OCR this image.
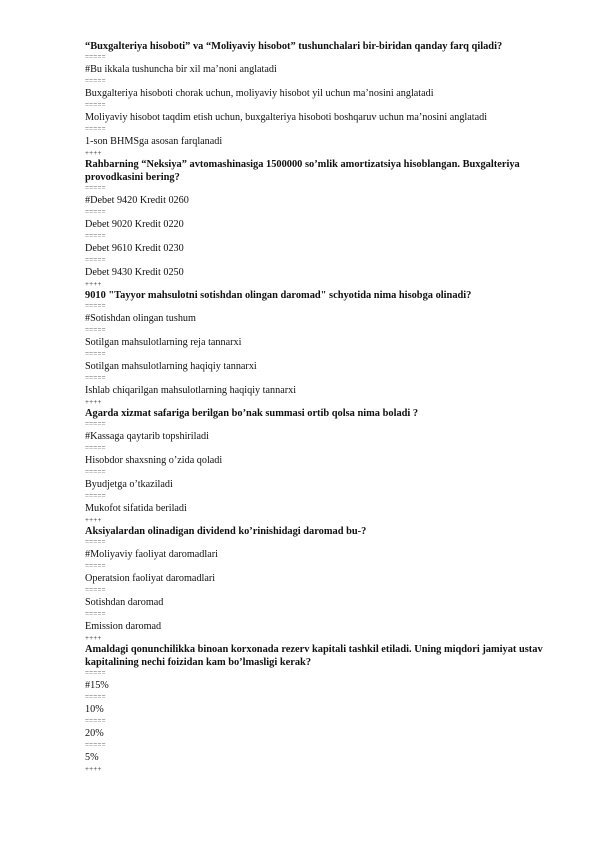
“Buxgalteriya hisoboti” va “Moliyaviy hisobot” tushunchalari bir-biridan qanday farq qiladi?
=====
#Bu ikkala tushuncha bir xil ma’noni anglatadi
=====
Buxgalteriya hisoboti chorak uchun, moliyaviy hisobot yil uchun ma’nosini anglatadi
=====
Moliyaviy hisobot taqdim etish uchun, buxgalteriya hisoboti boshqaruv uchun ma’nosini anglatadi
=====
1-son BHMSga asosan farqlanadi
++++
Rahbarning “Neksiya” avtomashinasiga 1500000 so’mlik amortizatsiya hisoblangan. Buxgalteriya provodkasini bering?
=====
#Debet 9420 Kredit 0260
=====
Debet 9020 Kredit 0220
=====
Debet 9610 Kredit 0230
=====
Debet 9430 Kredit 0250
++++
9010 "Tayyor mahsulotni sotishdan olingan daromad" schyotida nima hisobga olinadi?
=====
#Sotishdan olingan tushum
=====
Sotilgan mahsulotlarning reja tannarxi
=====
Sotilgan mahsulotlarning haqiqiy tannarxi
=====
Ishlab chiqarilgan mahsulotlarning haqiqiy tannarxi
++++
Agarda xizmat safariga berilgan bo’nak summasi ortib qolsa nima boladi ?
=====
#Kassaga qaytarib topshiriladi
=====
Hisobdor shaxsning o’zida qoladi
=====
Byudjetga o’tkaziladi
=====
Mukofot sifatida beriladi
++++
Aksiyalardan olinadigan dividend ko’rinishidagi daromad bu-?
=====
#Moliyaviy faoliyat daromadlari
=====
Operatsion faoliyat daromadlari
=====
Sotishdan daromad
=====
Emission daromad
++++
Amaldagi qonunchilikka binoan korxonada rezerv kapitali tashkil etiladi. Uning miqdori jamiyat ustav kapitalining nechi foizidan kam bo’lmasligi kerak?
=====
#15%
=====
10%
=====
20%
=====
5%
++++
